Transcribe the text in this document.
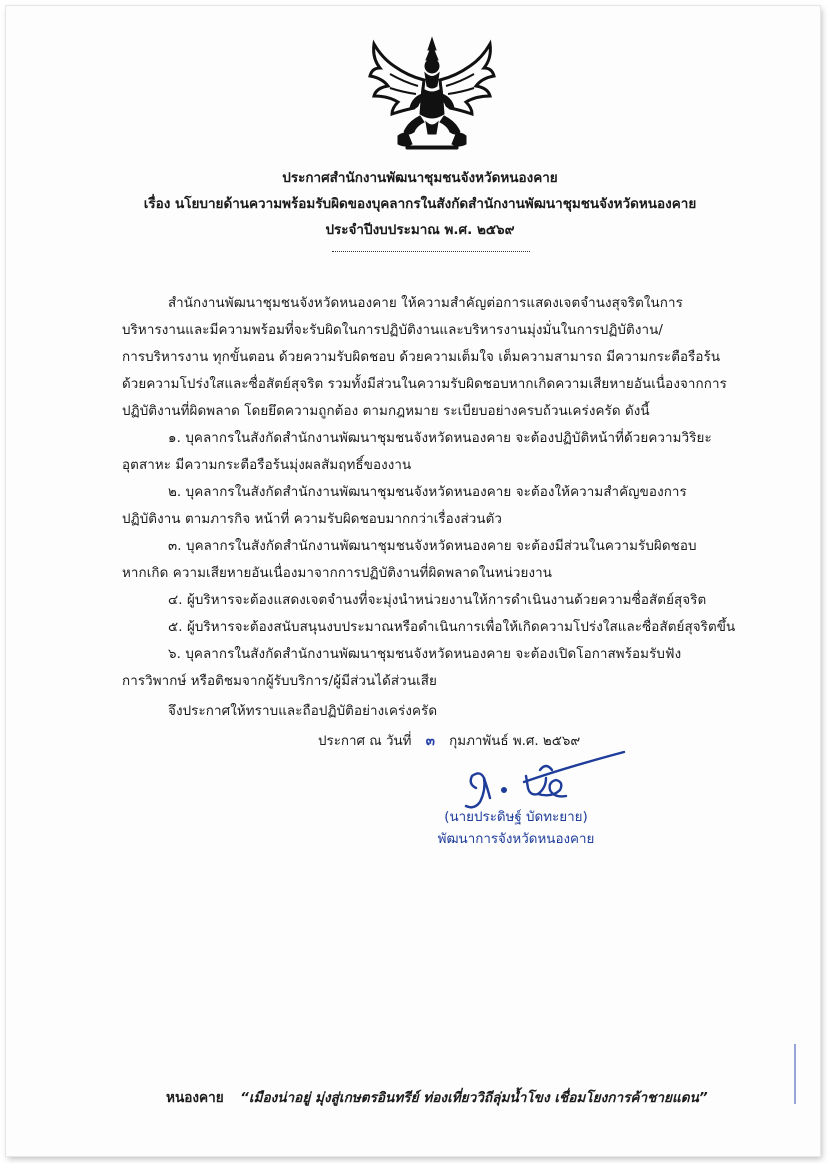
ประกาศสำนักงานพัฒนาชุมชนจังหวัดหนองคาย
เรื่อง นโยบายด้านความพร้อมรับผิดของบุคลากรในสังกัดสำนักงานพัฒนาชุมชนจังหวัดหนองคาย
ประจำปีงบประมาณ พ.ศ. ๒๕๖๙
สำนักงานพัฒนาชุมชนจังหวัดหนองคาย ให้ความสำคัญต่อการแสดงเจตจำนงสุจริตในการ
บริหารงานและมีความพร้อมที่จะรับผิดในการปฏิบัติงานและบริหารงานมุ่งมั่นในการปฏิบัติงาน/
การบริหารงาน ทุกขั้นตอน ด้วยความรับผิดชอบ ด้วยความเต็มใจ เต็มความสามารถ มีความกระตือรือร้น
ด้วยความโปร่งใสและซื่อสัตย์สุจริต รวมทั้งมีส่วนในความรับผิดชอบหากเกิดความเสียหายอันเนื่องจากการ
ปฏิบัติงานที่ผิดพลาด โดยยึดความถูกต้อง ตามกฎหมาย ระเบียบอย่างครบถ้วนเคร่งครัด ดังนี้
๑. บุคลากรในสังกัดสำนักงานพัฒนาชุมชนจังหวัดหนองคาย จะต้องปฏิบัติหน้าที่ด้วยความวิริยะ
อุตสาหะ มีความกระตือรือร้นมุ่งผลสัมฤทธิ์ของงาน
๒. บุคลากรในสังกัดสำนักงานพัฒนาชุมชนจังหวัดหนองคาย จะต้องให้ความสำคัญของการ
ปฏิบัติงาน ตามภารกิจ หน้าที่ ความรับผิดชอบมากกว่าเรื่องส่วนตัว
๓. บุคลากรในสังกัดสำนักงานพัฒนาชุมชนจังหวัดหนองคาย จะต้องมีส่วนในความรับผิดชอบ
หากเกิด ความเสียหายอันเนื่องมาจากการปฏิบัติงานที่ผิดพลาดในหน่วยงาน
๔. ผู้บริหารจะต้องแสดงเจตจำนงที่จะมุ่งนำหน่วยงานให้การดำเนินงานด้วยความซื่อสัตย์สุจริต
๕. ผู้บริหารจะต้องสนับสนุนงบประมาณหรือดำเนินการเพื่อให้เกิดความโปร่งใสและซื่อสัตย์สุจริตขึ้น
๖. บุคลากรในสังกัดสำนักงานพัฒนาชุมชนจังหวัดหนองคาย จะต้องเปิดโอกาสพร้อมรับฟัง
การวิพากษ์ หรือติชมจากผู้รับบริการ/ผู้มีส่วนได้ส่วนเสีย
จึงประกาศให้ทราบและถือปฏิบัติอย่างเคร่งครัด
ประกาศ ณ วันที่ ๓ กุมภาพันธ์ พ.ศ. ๒๕๖๙
(นายประดิษฐ์ บัดทะยาย)
พัฒนาการจังหวัดหนองคาย
หนองคาย “เมืองน่าอยู่ มุ่งสู่เกษตรอินทรีย์ ท่องเที่ยววิถีลุ่มน้ำโขง เชื่อมโยงการค้าชายแดน”
